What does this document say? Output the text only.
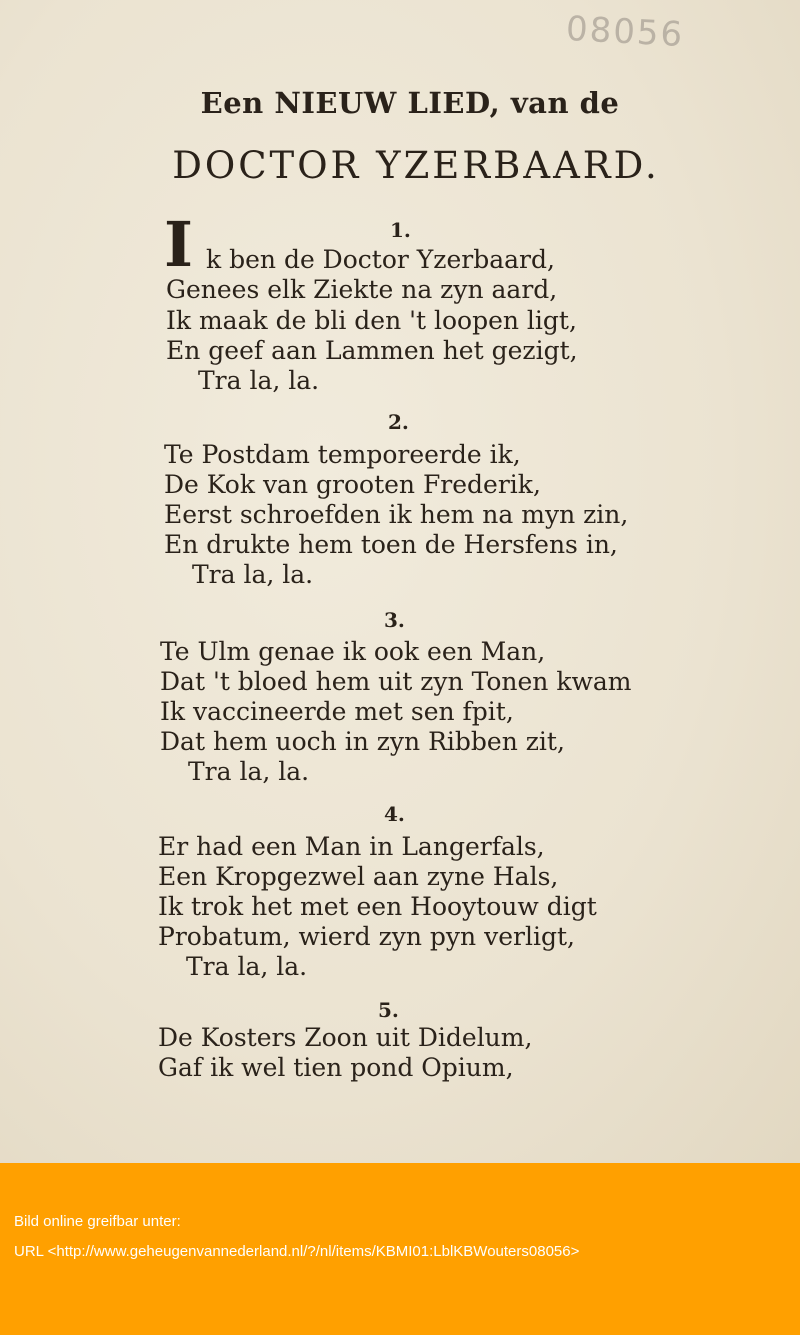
08056
Een NIEUW LIED, van de
DOCTOR YZERBAARD.
1.
I k ben de Doctor Yzerbaard,
Genees elk Ziekte na zyn aard,
Ik maak de bli den 't loopen ligt,
En geef aan Lammen het gezigt,
Tra la, la.
2.
Te Postdam temporeerde ik,
De Kok van grooten Frederik,
Eerst schroefden ik hem na myn zin,
En drukte hem toen de Hersfens in,
Tra la, la.
3.
Te Ulm genae ik ook een Man,
Dat 't bloed hem uit zyn Tonen kwam
Ik vaccineerde met sen fpit,
Dat hem uoch in zyn Ribben zit,
Tra la, la.
4.
Er had een Man in Langerfals,
Een Kropgezwel aan zyne Hals,
Ik trok het met een Hooytouw digt
Probatum, wierd zyn pyn verligt,
Tra la, la.
5.
De Kosters Zoon uit Didelum,
Gaf ik wel tien pond Opium,
Bild online greifbar unter:
URL <http://www.geheugenvannederland.nl/?/nl/items/KBMI01:LblKBWouters08056>
